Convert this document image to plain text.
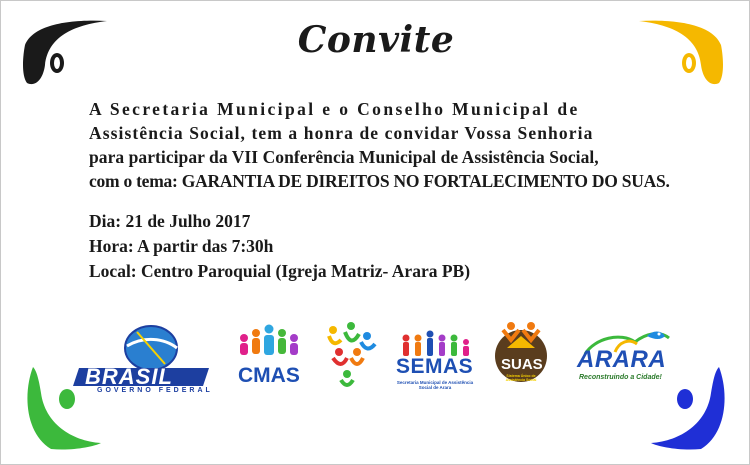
Convite
A Secretaria Municipal e o Conselho Municipal de
Assistência Social, tem a honra de convidar Vossa Senhoria
para participar da VII Conferência Municipal de Assistência Social,
com o tema: GARANTIA DE DIREITOS NO FORTALECIMENTO DO SUAS.
Dia: 21 de Julho 2017
Hora: A partir das 7:30h
Local: Centro Paroquial (Igreja Matriz- Arara PB)
BRASIL
GOVERNO FEDERAL
CMAS	SEMAS
Secretaria Municipal de Assistência Social de Arara
SUAS
Sistema Único de Assistência Social
ARARA
Reconstruindo a Cidade!
